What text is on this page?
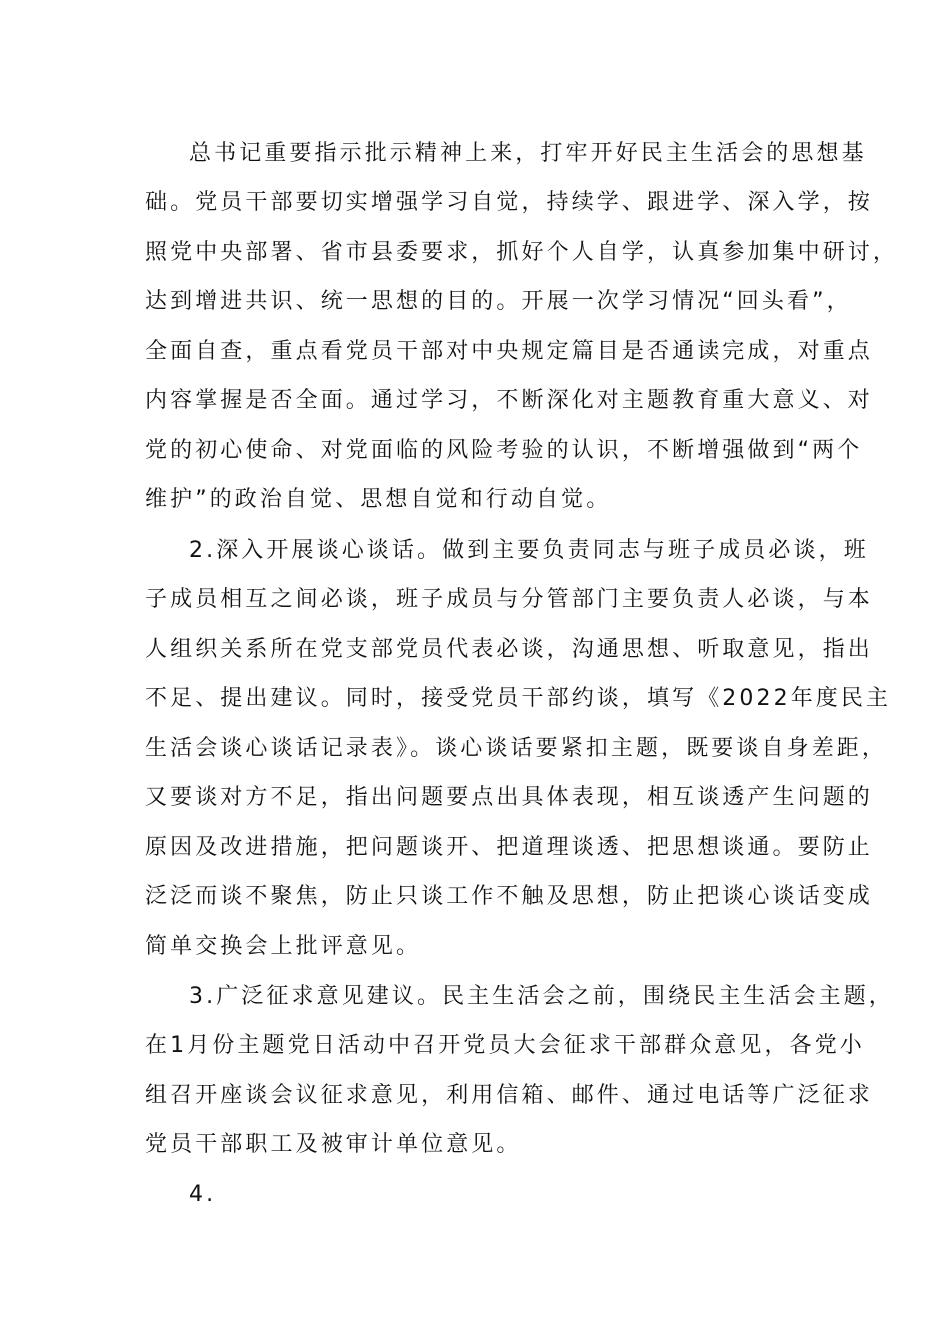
总书记重要指示批示精神上来，打牢开好民主生活会的思想基
础。党员干部要切实增强学习自觉，持续学、跟进学、深入学，按
照党中央部署、省市县委要求，抓好个人自学，认真参加集中研讨，
达到增进共识、统一思想的目的。开展一次学习情况“回头看”，
全面自查，重点看党员干部对中央规定篇目是否通读完成，对重点
内容掌握是否全面。通过学习，不断深化对主题教育重大意义、对
党的初心使命、对党面临的风险考验的认识，不断增强做到“两个
维护”的政治自觉、思想自觉和行动自觉。
2.深入开展谈心谈话。做到主要负责同志与班子成员必谈，班
子成员相互之间必谈，班子成员与分管部门主要负责人必谈，与本
人组织关系所在党支部党员代表必谈，沟通思想、听取意见，指出
不足、提出建议。同时，接受党员干部约谈，填写《2022年度民主
生活会谈心谈话记录表》。谈心谈话要紧扣主题，既要谈自身差距，
又要谈对方不足，指出问题要点出具体表现，相互谈透产生问题的
原因及改进措施，把问题谈开、把道理谈透、把思想谈通。要防止
泛泛而谈不聚焦，防止只谈工作不触及思想，防止把谈心谈话变成
简单交换会上批评意见。
3.广泛征求意见建议。民主生活会之前，围绕民主生活会主题，
在1月份主题党日活动中召开党员大会征求干部群众意见，各党小
组召开座谈会议征求意见，利用信箱、邮件、通过电话等广泛征求
党员干部职工及被审计单位意见。
4.
